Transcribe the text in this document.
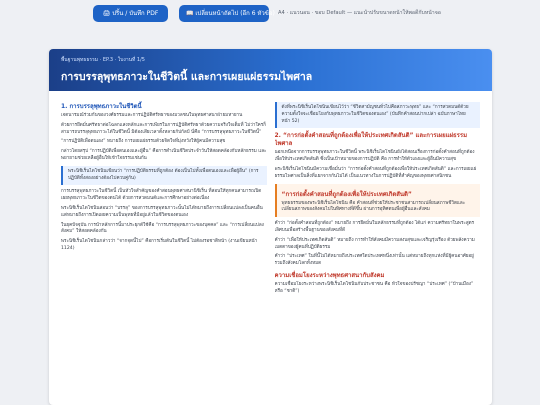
🖨 ปริ้น / บันทึก PDF	📖 เปลี่ยนหน้าถัดไป (อีก 6 หัวข้อ) →
A4 · แนวนอน · ขอบ Default — แนะนำปรับขนาดหน้าให้พอดีกับหน้าจอ
พื้นฐานพุทธธรรม · EP.3 · ใบงานที่ 1/5
การบรรลุพุทธภาวะในชีวิตนี้ และการเผยแผ่ธรรมไพศาล
1. การบรรลุพุทธภาวะในชีวิตนี้
เจตนารมณ์ร่วมกันของวงศ์ธรรมและการปฏิบัติศรัทธาของมวลชนในพุทธศาสนาฝ่ายมหายาน
ด้วยการยึดมั่นศรัทธาต่อโฉลกแสงหลักและการเพียรในการปฏิบัติศรัทธาด้วยความจริงใจเต็มที่ ไม่ว่าใครก็สามารถบรรลุพุทธภาวะได้ในชีวิตนี้ มิต้องเสียเวลาตั้งหลายกัปกัลป์ นี่คือ “การบรรลุพุทธภาวะในชีวิตนี้”
“การปฏิบัติเพื่อตนเอง” หมายถึง การเผยแผ่ธรรมด้วยจิตใจที่มุ่งหวังให้ผู้คนมีความสุข
กล่าวโดยสรุป “การปฏิบัติเพื่อตนเองและผู้อื่น” คือการดำเนินชีวิตประจำวันให้สอดคล้องกับหลักธรรม และพยายามช่วยเหลือผู้อื่นให้เข้าใจธรรมเช่นกัน
พระนิชิเร็นไดโชนินเขียนว่า “การปฏิบัติธรรมที่ถูกต้อง ต้องเป็นไปทั้งเพื่อตนเองและเพื่อผู้อื่น” (การปฏิบัติทั้งสองอย่างต้องไปควบคู่กัน)
การบรรลุพุทธภาวะในชีวิตนี้ เป็นหัวใจสำคัญของคำสอนพุทธศาสนานิชิเร็น ที่สอนให้ทุกคนสามารถเปิดเผยพุทธภาวะในชีวิตของตนได้ ด้วยการสวดมนต์และการศึกษาอย่างต่อเนื่อง
พระนิชิเร็นไดโชนินสอนว่า “บรรลุ” ของการบรรลุพุทธภาวะนั้นไม่ได้หมายถึงการเปลี่ยนแปลงเป็นคนอื่น แต่หมายถึงการเปิดเผยความเป็นพุทธที่มีอยู่แล้วในชีวิตของตนเอง
ในยุคปัจจุบัน การนำหลักการนี้มาประยุกต์ใช้คือ “การบรรลุพุทธภาวะของบุคคล” และ “การเปลี่ยนแปลงสังคม” ให้สอดคล้องกัน
พระนิชิเร็นไดโชนินกล่าวว่า “จากจุดนี้ไป” คือการเริ่มต้นในชีวิตนี้ ไม่ต้องรอชาติหน้า (งานเขียนหน้า 1124)
ดังที่พระนิชิเร็นไดโชนินเขียนไว้ว่า “ชีวิตสามัญชนทั่วไปคือสภาวะพุทธ” และ “การสวดมนต์ด้วยความตั้งใจจะเชื่อมโยงกับพุทธภาวะในชีวิตของตนเอง” (บันทึกคำสอนปากเปล่า ฉบับภาษาไทย หน้า 52)
2. “การก่อตั้งคำสอนที่ถูกต้องเพื่อให้ประเทศเกิดสันติ” และการเผยแผ่ธรรมไพศาล
นอกเหนือจากการบรรลุพุทธภาวะในชีวิตนี้ พระนิชิเร็นไดโชนินยังได้สอนเรื่องการก่อตั้งคำสอนที่ถูกต้องเพื่อให้ประเทศเกิดสันติ ซึ่งเป็นเป้าหมายของการปฏิบัติ คือ การทำให้ตัวเองและผู้อื่นมีความสุข
พระนิชิเร็นไดโชนินมีความเชื่อมั่นว่า “การก่อตั้งคำสอนที่ถูกต้องเพื่อให้ประเทศเกิดสันติ” และการเผยแผ่ธรรมไพศาลเป็นสิ่งที่แยกจากกันไม่ได้ เป็นแนวทางในการปฏิบัติที่สำคัญของพุทธศาสนิกชน
“การก่อตั้งคำสอนที่ถูกต้องเพื่อให้ประเทศเกิดสันติ”
พุทธธรรมของพระนิชิเร็นไดโชนิน คือ คำสอนที่ช่วยให้ประชาชนสามารถเปลี่ยนสภาพชีวิตและเปลี่ยนสภาพของสังคมไปในทิศทางที่ดีขึ้น ผ่านการอุทิศตนเพื่อผู้อื่นและสังคม
คำว่า “ก่อตั้งคำสอนที่ถูกต้อง” หมายถึง การยึดมั่นในหลักธรรมที่ถูกต้อง ได้แก่ ความศรัทธาในพระสูตรเลิศบนเพื่อสร้างพื้นฐานของสังคมที่ดี
คำว่า “เพื่อให้ประเทศเกิดสันติ” หมายถึง การทำให้สังคมมีความสงบสุขและเจริญรุ่งเรือง ด้วยพลังความเมตตาของผู้คนที่ปฏิบัติธรรม
คำว่า “ประเทศ” ในที่นี้ไม่ได้หมายถึงประเทศใดประเทศหนึ่งเท่านั้น แต่หมายถึงทุกแห่งที่มีผู้คนอาศัยอยู่ รวมถึงสังคมโลกทั้งหมด
ความเชื่อมโยงระหว่างพุทธศาสนากับสังคม
ความเชื่อมโยงระหว่างพระนิชิเร็นไดโชนินกับประชาชน คือ หัวใจของปรัชญา “ประเทศ” (“บ้านเมือง” หรือ “ชาติ”)
